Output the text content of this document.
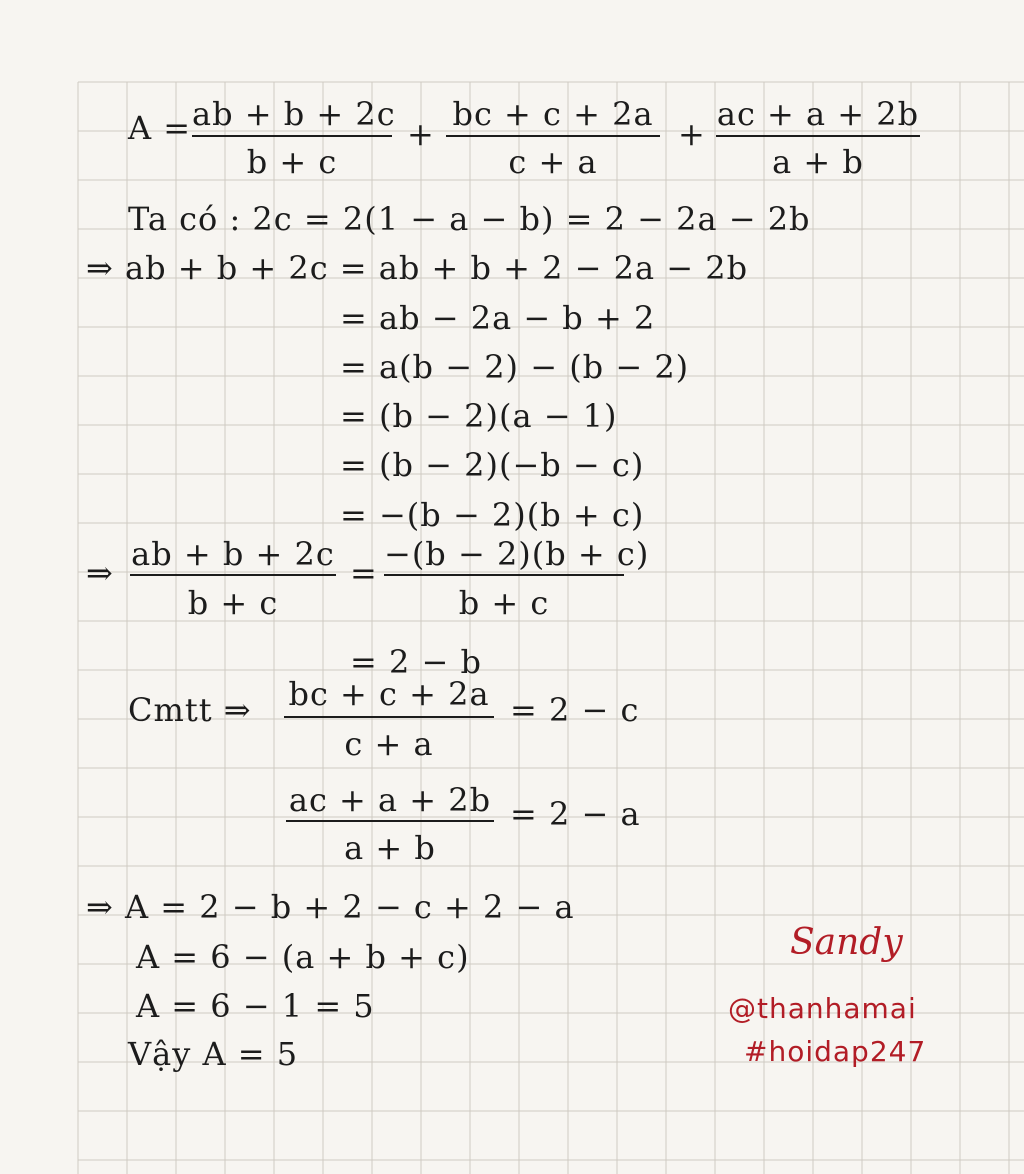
A = ab + b + 2c
b + c
+
bc + c + 2a
c + a
+
ac + a + 2b
a + b
Ta có : 2c = 2(1 − a − b) = 2 − 2a − 2b
⇒ ab + b + 2c = ab + b + 2 − 2a − 2b
= ab − 2a − b + 2
= a(b − 2) − (b − 2)
= (b − 2)(a − 1)
= (b − 2)(−b − c)
= −(b − 2)(b + c)
⇒ ab + b + 2c
b + c
= −(b − 2)(b + c)
b + c
= 2 − b
Cmtt ⇒ bc + c + 2a
c + a
= 2 − c
ac + a + 2b
a + b
= 2 − a
⇒ A = 2 − b + 2 − c + 2 − a
A = 6 − (a + b + c)
A = 6 − 1 = 5
Vậy A = 5
Sandy
@thanhamai
#hoidap247
